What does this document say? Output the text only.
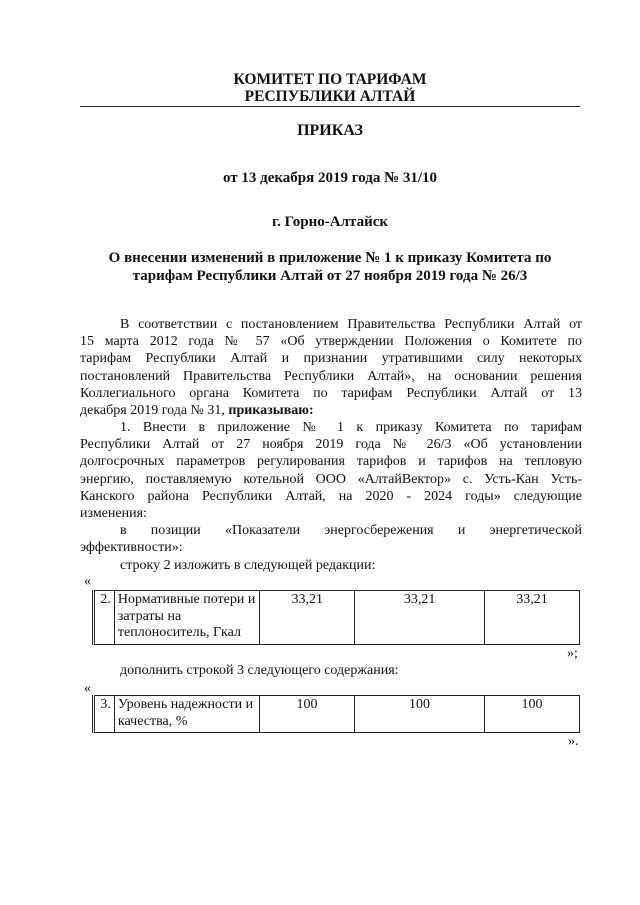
КОМИТЕТ ПО ТАРИФАМ
РЕСПУБЛИКИ АЛТАЙ
ПРИКАЗ
от 13 декабря 2019 года № 31/10
г. Горно-Алтайск
О внесении изменений в приложение № 1 к приказу Комитета по
тарифам Республики Алтай от 27 ноября 2019 года № 26/3
В соответствии с постановлением Правительства Республики Алтай от
15 марта 2012 года № 57 «Об утверждении Положения о Комитете по
тарифам Республики Алтай и признании утратившими силу некоторых
постановлений Правительства Республики Алтай», на основании решения
Коллегиального органа Комитета по тарифам Республики Алтай от 13
декабря 2019 года № 31, приказываю:
1. Внести в приложение № 1 к приказу Комитета по тарифам
Республики Алтай от 27 ноября 2019 года № 26/3 «Об установлении
долгосрочных параметров регулирования тарифов и тарифов на тепловую
энергию, поставляемую котельной ООО «АлтайВектор» с. Усть-Кан Усть-
Канского района Республики Алтай, на 2020 - 2024 годы» следующие
изменения:
в позиции «Показатели энергосбережения и энергетической
эффективности»:
строку 2 изложить в следующей редакции:
«
2.	Нормативные потери и затраты на теплоноситель, Гкал	33,21	33,21	33,21
»;
дополнить строкой 3 следующего содержания:
«
3.	Уровень надежности и качества, %	100	100	100
».
